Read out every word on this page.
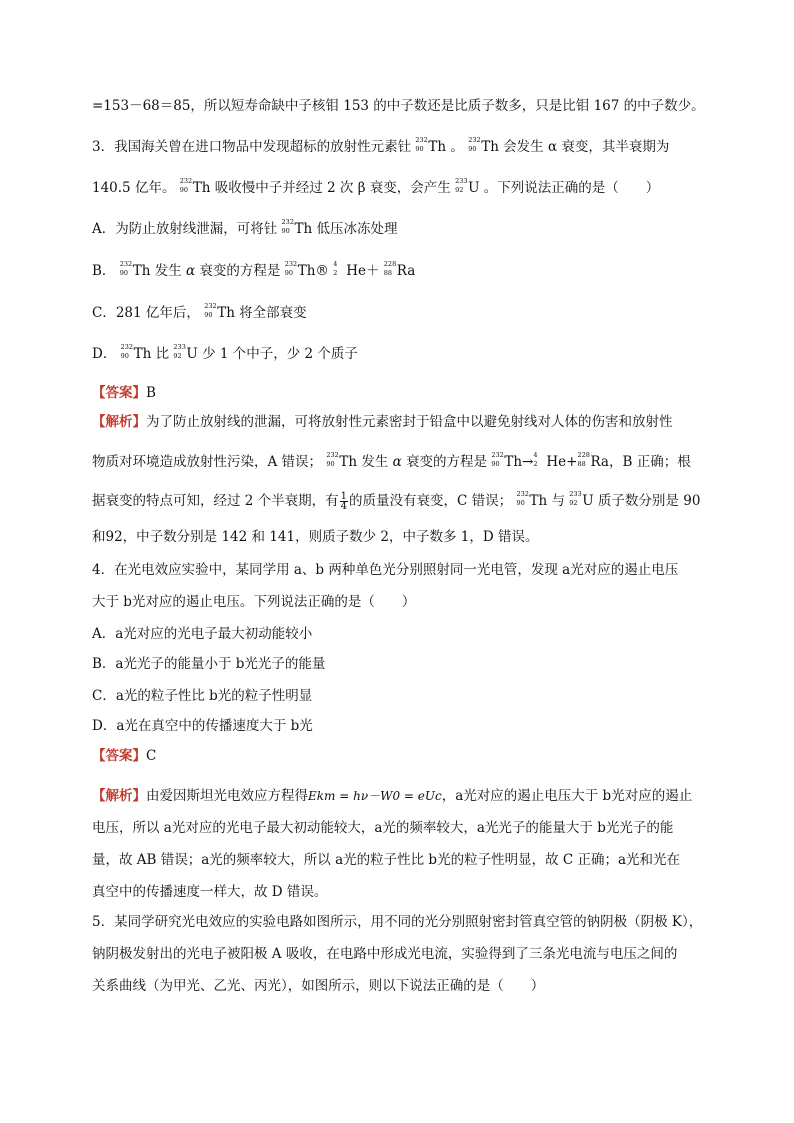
=153－68＝85，所以短寿命缺中子核钼 153 的中子数还是比质子数多，只是比钼 167 的中子数少。
3．我国海关曾在进口物品中发现超标的放射性元素钍 232
90 Th 。 232
90 Th 会发生 α 衰变，其半衰期为
140.5 亿年。 232
90 Th 吸收慢中子并经过 2 次 β 衰变，会产生 233
92 U 。下列说法正确的是（　　）
A．为防止放射线泄漏，可将钍 232
90 Th 低压冰冻处理
B． 232
90 Th 发生 α 衰变的方程是 232
90 Th® 4
2 He＋ 228
88 Ra
C．281 亿年后， 232
90 Th 将全部衰变
D． 232
90 Th 比 233
92 U 少 1 个中子，少 2 个质子
【答案】B
【解析】为了防止放射线的泄漏，可将放射性元素密封于铅盒中以避免射线对人体的伤害和放射性
物质对环境造成放射性污染，A 错误； 232
90 Th 发生 α 衰变的方程是 232
90 Th→ 4
2 He+ 228
88 Ra，B 正确；根
据衰变的特点可知，经过 2 个半衰期，有 $\frac{1}{4}$ 的质量没有衰变，C 错误； 232
90 Th 与 233
92 U 质子数分别是 90
和92，中子数分别是 142 和 141，则质子数少 2，中子数多 1，D 错误。
4．在光电效应实验中，某同学用 a、b 两种单色光分别照射同一光电管，发现 a光对应的遏止电压
大于 b光对应的遏止电压。下列说法正确的是（　　）
A．a光对应的光电子最大初动能较小
B．a光光子的能量小于 b光光子的能量
C．a光的粒子性比 b光的粒子性明显
D．a光在真空中的传播速度大于 b光
【答案】C
【解析】由爱因斯坦光电效应方程得Ekm = hν－W0 = eUc，a光对应的遏止电压大于 b光对应的遏止
电压，所以 a光对应的光电子最大初动能较大，a光的频率较大，a光光子的能量大于 b光光子的能
量，故 AB 错误；a光的频率较大，所以 a光的粒子性比 b光的粒子性明显，故 C 正确；a光和光在
真空中的传播速度一样大，故 D 错误。
5．某同学研究光电效应的实验电路如图所示，用不同的光分别照射密封管真空管的钠阴极（阴极 K），
钠阴极发射出的光电子被阳极 A 吸收，在电路中形成光电流，实验得到了三条光电流与电压之间的
关系曲线（为甲光、乙光、丙光），如图所示，则以下说法正确的是（　　）
